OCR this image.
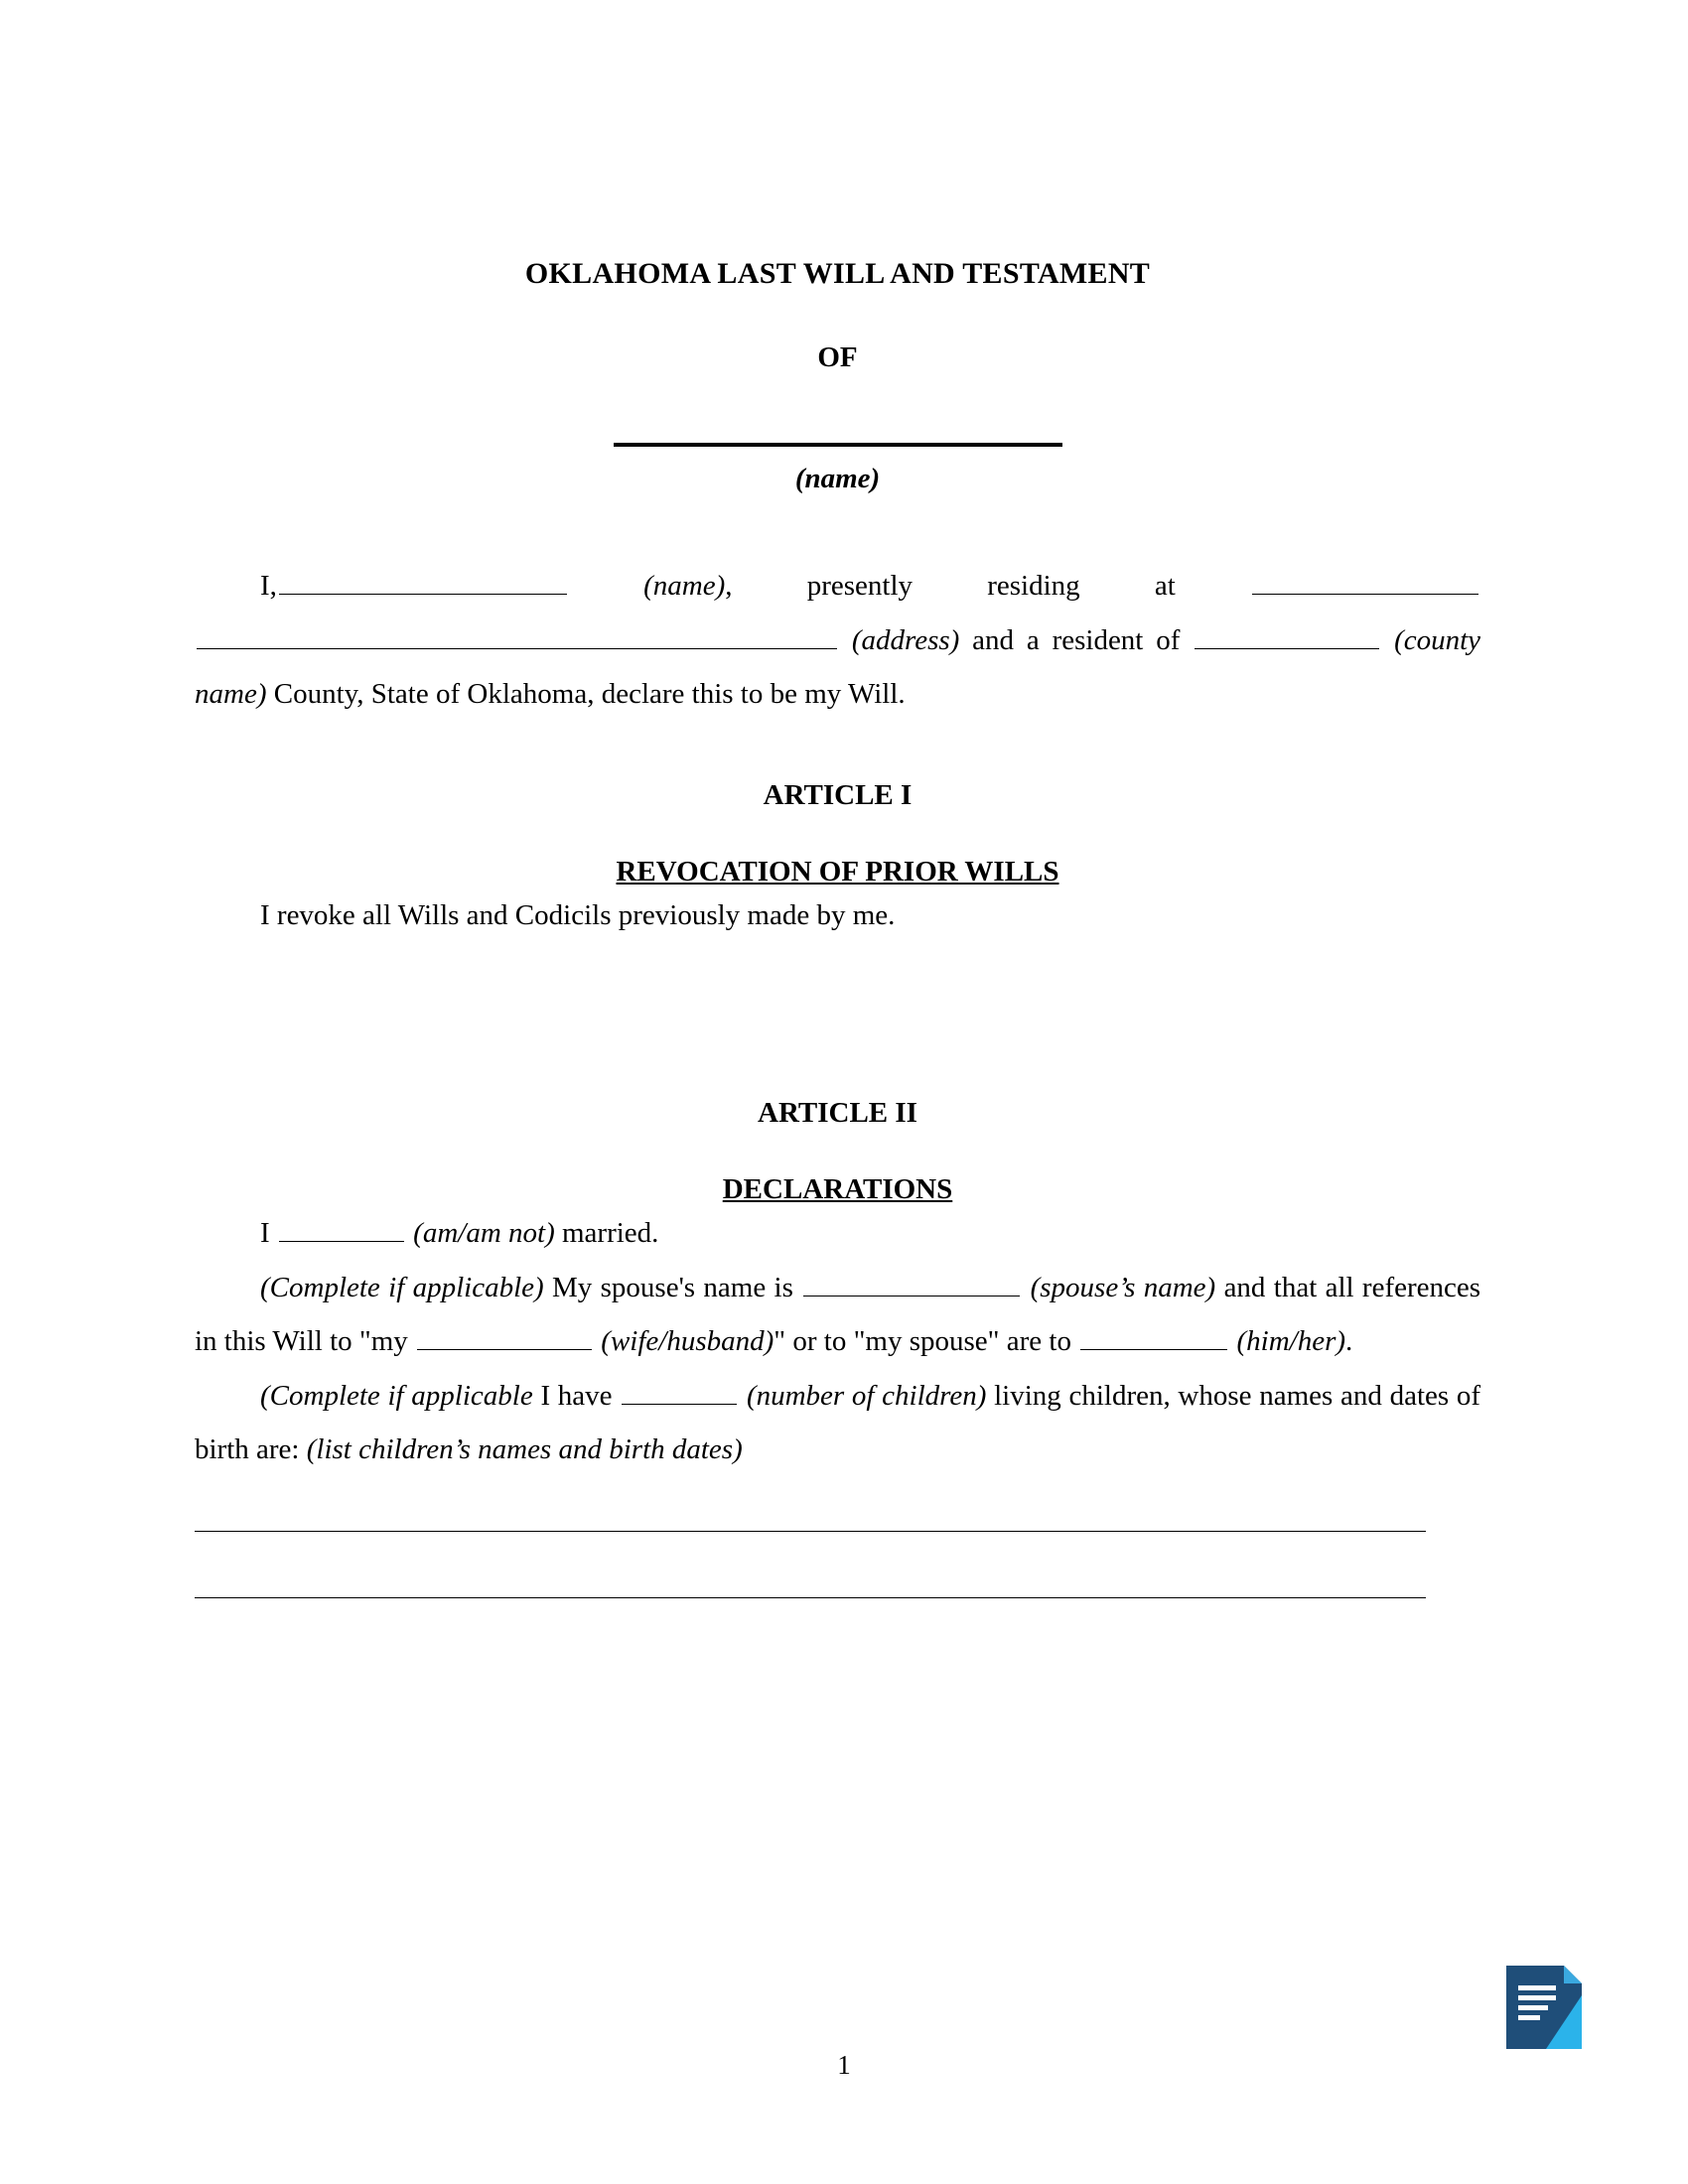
OKLAHOMA LAST WILL AND TESTAMENT
OF
(name)

I,	(name), presently residing at   (address) and a resident of	(county name) County, State of Oklahoma, declare this to be my Will.

ARTICLE I
REVOCATION OF PRIOR WILLS

I revoke all Wills and Codicils previously made by me.

ARTICLE II
DECLARATIONS

I	(am/am not) married.

(Complete if applicable) My spouse's name is	(spouse’s name) and that all references in this Will to "my	(wife/husband)" or to "my spouse" are to	(him/her).

(Complete if applicable I have	(number of children) living children, whose names and dates of birth are: (list children’s names and birth dates)

1
